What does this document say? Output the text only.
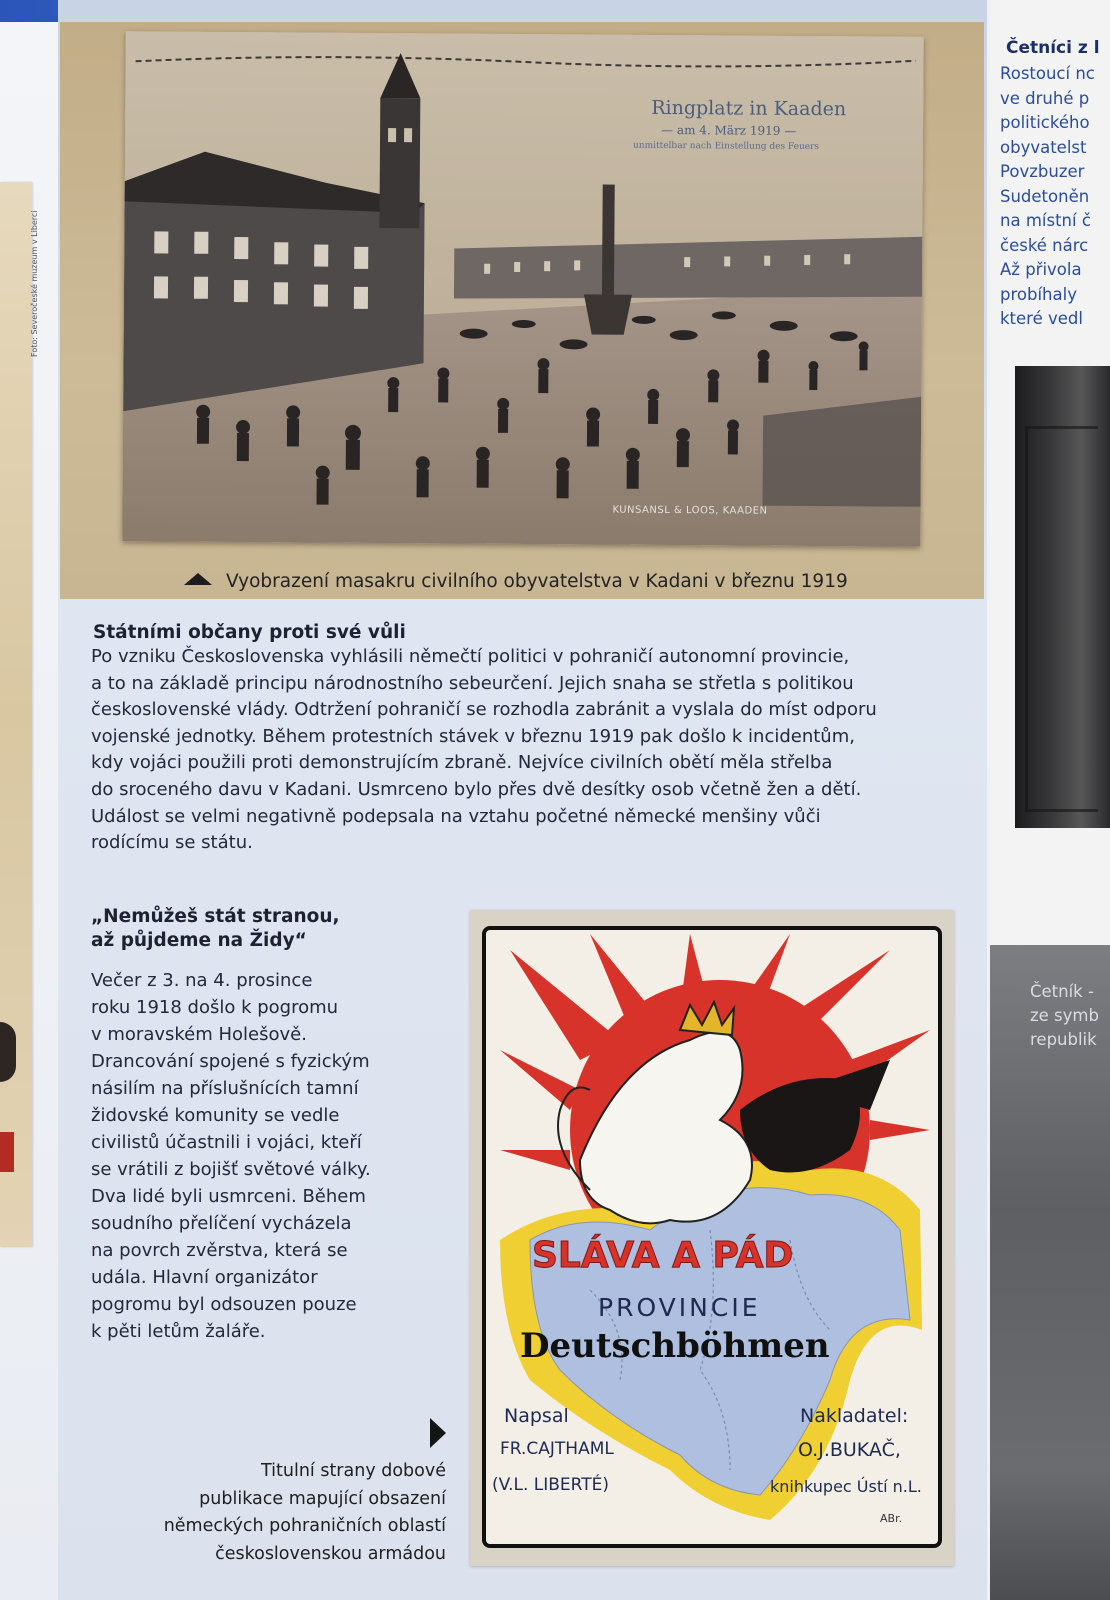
Foto: Severočeské muzeum v Liberci
Ringplatz in Kaaden
— am 4. März 1919 —
unmittelbar nach Einstellung des Feuers
KUNSANSL & LOOS, KAADEN
Vyobrazení masakru civilního obyvatelstva v Kadani v březnu 1919
Státními občany proti své vůli
Po vzniku Československa vyhlásili němečtí politici v pohraničí autonomní provincie,
a to na základě principu národnostního sebeurčení. Jejich snaha se střetla s politikou
československé vlády. Odtržení pohraničí se rozhodla zabránit a vyslala do míst odporu
vojenské jednotky. Během protestních stávek v březnu 1919 pak došlo k incidentům,
kdy vojáci použili proti demonstrujícím zbraně. Nejvíce civilních obětí měla střelba
do sroceného davu v Kadani. Usmrceno bylo přes dvě desítky osob včetně žen a dětí.
Událost se velmi negativně podepsala na vztahu početné německé menšiny vůči
rodícímu se státu.
„Nemůžeš stát stranou,
až půjdeme na Židy“
Večer z 3. na 4. prosince
roku 1918 došlo k pogromu
v moravském Holešově.
Drancování spojené s fyzickým
násilím na příslušnících tamní
židovské komunity se vedle
civilistů účastnili i vojáci, kteří
se vrátili z bojišť světové války.
Dva lidé byli usmrceni. Během
soudního přelíčení vycházela
na povrch zvěrstva, která se
udála. Hlavní organizátor
pogromu byl odsouzen pouze
k pěti letům žaláře.
Titulní strany dobové
publikace mapující obsazení
německých pohraničních oblastí
československou armádou
SLÁVA A PÁD
PROVINCIE
Deutschböhmen
Napsal
FR.CAJTHAML
(V.L. LIBERTÉ)
Nakladatel:
O.J.BUKAČ,
knihkupec Ústí n.L.
ABr.
Četníci z l
Rostoucí nc
ve druhé p
politického
obyvatelst
Povzbuzer
Sudetoněn
na místní č
české nárc
Až přivola
probíhaly
které vedl
Četník -
ze symb
republik
